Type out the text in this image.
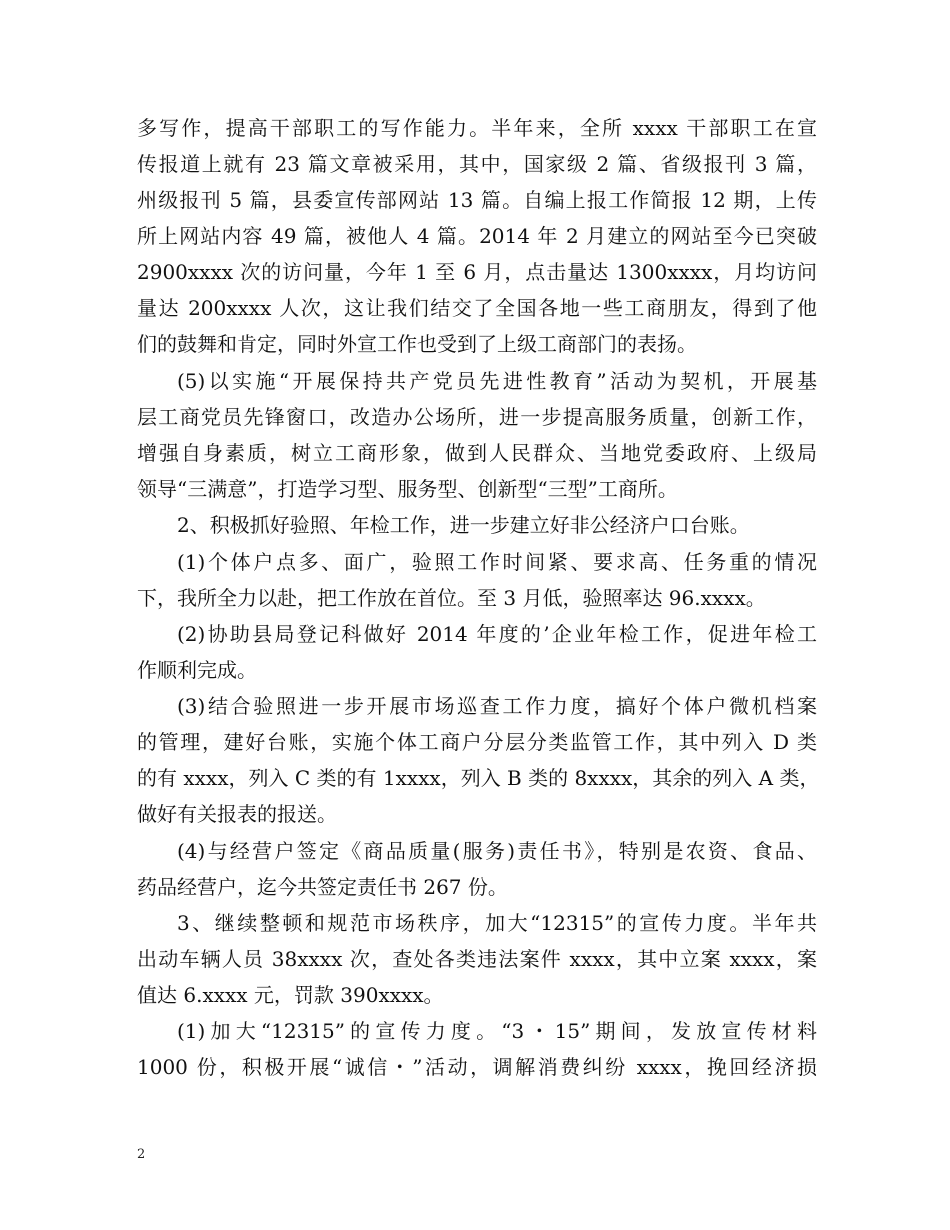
多写作，提高干部职工的写作能力。半年来，全所 xxxx 干部职工在宣
传报道上就有 23 篇文章被采用，其中，国家级 2 篇、省级报刊 3 篇，
州级报刊 5 篇，县委宣传部网站 13 篇。自编上报工作简报 12 期，上传
所上网站内容 49 篇，被他人 4 篇。2014 年 2 月建立的网站至今已突破
2900xxxx 次的访问量，今年 1 至 6 月，点击量达 1300xxxx，月均访问
量达 200xxxx 人次，这让我们结交了全国各地一些工商朋友，得到了他
们的鼓舞和肯定，同时外宣工作也受到了上级工商部门的表扬。
(5)以实施“开展保持共产党员先进性教育”活动为契机，开展基
层工商党员先锋窗口，改造办公场所，进一步提高服务质量，创新工作，
增强自身素质，树立工商形象，做到人民群众、当地党委政府、上级局
领导“三满意”，打造学习型、服务型、创新型“三型”工商所。
2、积极抓好验照、年检工作，进一步建立好非公经济户口台账。
(1)个体户点多、面广，验照工作时间紧、要求高、任务重的情况
下，我所全力以赴，把工作放在首位。至 3 月低，验照率达 96.xxxx。
(2)协助县局登记科做好 2014 年度的’企业年检工作，促进年检工
作顺利完成。
(3)结合验照进一步开展市场巡查工作力度，搞好个体户微机档案
的管理，建好台账，实施个体工商户分层分类监管工作，其中列入 D 类
的有 xxxx，列入 C 类的有 1xxxx，列入 B 类的 8xxxx，其余的列入 A 类，
做好有关报表的报送。
(4)与经营户签定《商品质量(服务)责任书》，特别是农资、食品、
药品经营户，迄今共签定责任书 267 份。
3、继续整顿和规范市场秩序，加大“12315”的宣传力度。半年共
出动车辆人员 38xxxx 次，查处各类违法案件 xxxx，其中立案 xxxx，案
值达 6.xxxx 元，罚款 390xxxx。
(1)加大“12315”的宣传力度。“3・15”期间，发放宣传材料
1000 份，积极开展“诚信・”活动，调解消费纠纷 xxxx，挽回经济损
2
